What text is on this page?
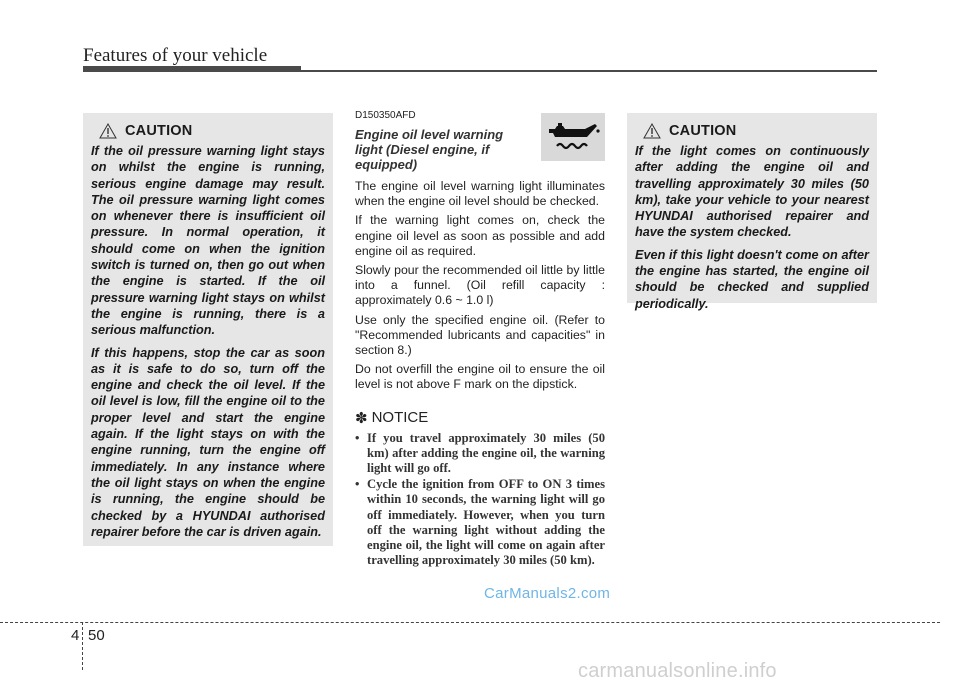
Features of your vehicle
CAUTION

If the oil pressure warning light stays on whilst the engine is running, serious engine damage may result. The oil pressure warning light comes on whenever there is insufficient oil pressure. In normal operation, it should come on when the ignition switch is turned on, then go out when the engine is started. If the oil pressure warning light stays on whilst the engine is running, there is a serious malfunction.

If this happens, stop the car as soon as it is safe to do so, turn off the engine and check the oil level. If the oil level is low, fill the engine oil to the proper level and start the engine again. If the light stays on with the engine running, turn the engine off immediately. In any instance where the oil light stays on when the engine is running, the engine should be checked by a HYUNDAI authorised repairer before the car is driven again.

D150350AFD
Engine oil level warning light (Diesel engine, if equipped)

The engine oil level warning light illuminates when the engine oil level should be checked.

If the warning light comes on, check the engine oil level as soon as possible and add engine oil as required.

Slowly pour the recommended oil little by little into a funnel. (Oil refill capacity : approximately 0.6 ~ 1.0 l)

Use only the specified engine oil. (Refer to "Recommended lubricants and capacities" in section 8.)

Do not overfill the engine oil to ensure the oil level is not above F mark on the dipstick.

✽ NOTICE
• If you travel approximately 30 miles (50 km) after adding the engine oil, the warning light will go off.
• Cycle the ignition from OFF to ON 3 times within 10 seconds, the warning light will go off immediately. However, when you turn off the warning light without adding the engine oil, the light will come on again after travelling approximately 30 miles (50 km).
CAUTION

If the light comes on continuously after adding the engine oil and travelling approximately 30 miles (50 km), take your vehicle to your nearest HYUNDAI authorised repairer and have the system checked.

Even if this light doesn't come on after the engine has started, the engine oil should be checked and supplied periodically.

CarManuals2.com
4 50
carmanualsonline.info
